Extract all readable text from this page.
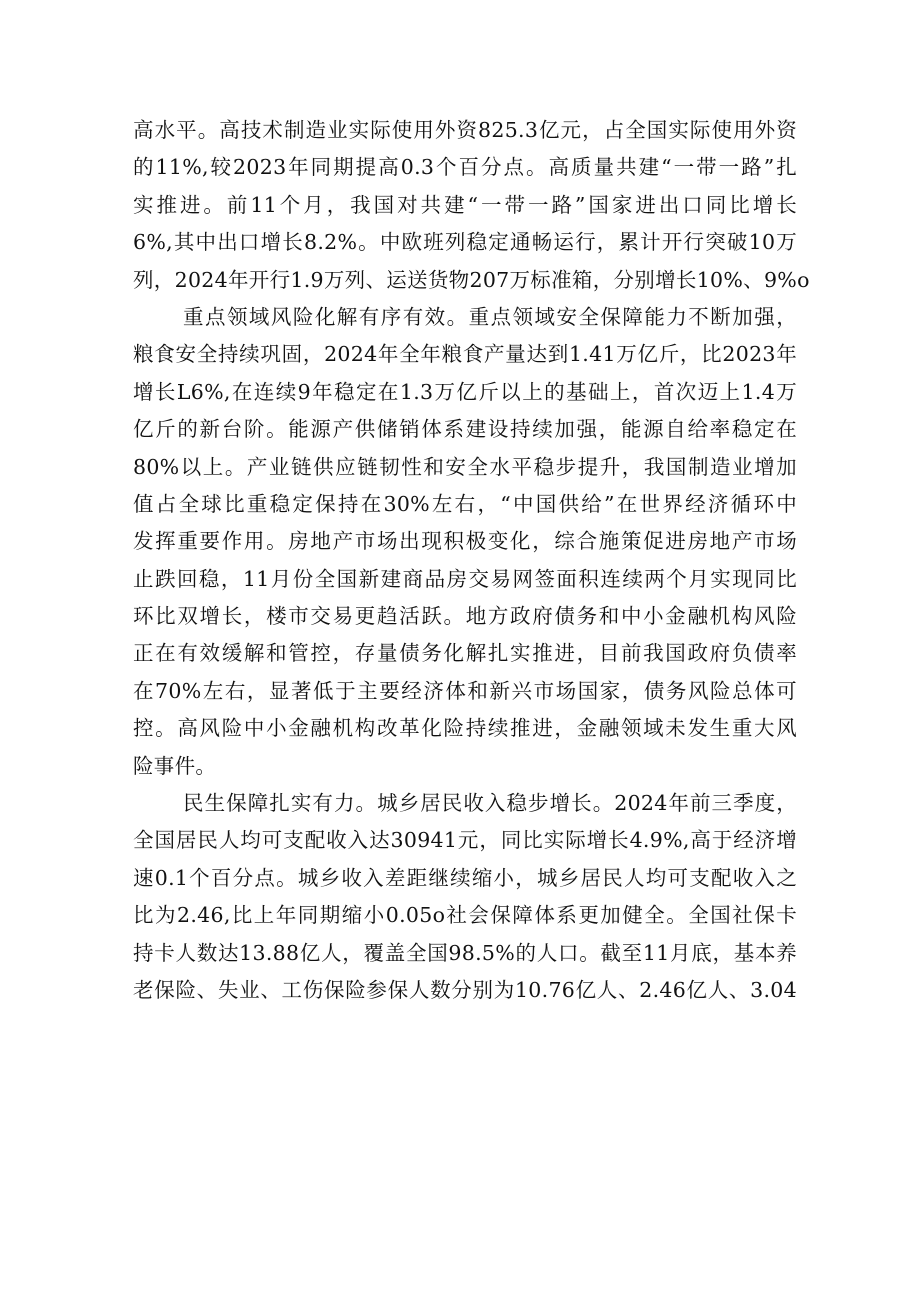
高水平。高技术制造业实际使用外资825.3亿元，占全国实际使用外资
的11%,较2023年同期提高0.3个百分点。高质量共建“一带一路”扎
实推进。前11个月，我国对共建“一带一路”国家进出口同比增长
6%,其中出口增长8.2%。中欧班列稳定通畅运行，累计开行突破10万
列，2024年开行1.9万列、运送货物207万标准箱，分别增长10%、9%o
重点领域风险化解有序有效。重点领域安全保障能力不断加强，
粮食安全持续巩固，2024年全年粮食产量达到1.41万亿斤，比2023年
增长L6%,在连续9年稳定在1.3万亿斤以上的基础上，首次迈上1.4万
亿斤的新台阶。能源产供储销体系建设持续加强，能源自给率稳定在
80%以上。产业链供应链韧性和安全水平稳步提升，我国制造业增加
值占全球比重稳定保持在30%左右，“中国供给”在世界经济循环中
发挥重要作用。房地产市场出现积极变化，综合施策促进房地产市场
止跌回稳，11月份全国新建商品房交易网签面积连续两个月实现同比
环比双增长，楼市交易更趋活跃。地方政府债务和中小金融机构风险
正在有效缓解和管控，存量债务化解扎实推进，目前我国政府负债率
在70%左右，显著低于主要经济体和新兴市场国家，债务风险总体可
控。高风险中小金融机构改革化险持续推进，金融领域未发生重大风
险事件。
民生保障扎实有力。城乡居民收入稳步增长。2024年前三季度，
全国居民人均可支配收入达30941元，同比实际增长4.9%,高于经济增
速0.1个百分点。城乡收入差距继续缩小，城乡居民人均可支配收入之
比为2.46,比上年同期缩小0.05o社会保障体系更加健全。全国社保卡
持卡人数达13.88亿人，覆盖全国98.5%的人口。截至11月底，基本养
老保险、失业、工伤保险参保人数分别为10.76亿人、2.46亿人、3.04
